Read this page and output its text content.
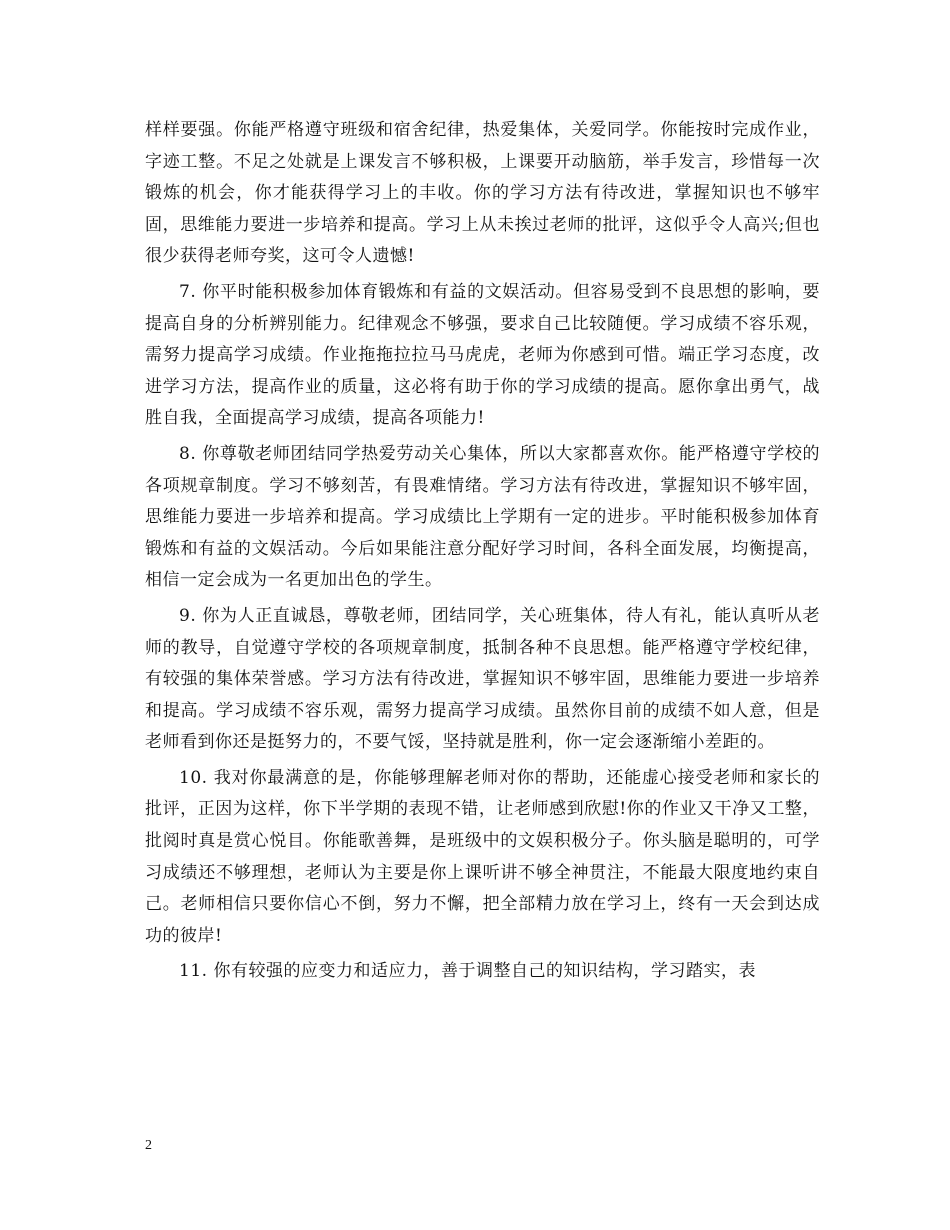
样样要强。你能严格遵守班级和宿舍纪律，热爱集体，关爱同学。你能按时完成作业，字迹工整。不足之处就是上课发言不够积极，上课要开动脑筋，举手发言，珍惜每一次锻炼的机会，你才能获得学习上的丰收。你的学习方法有待改进，掌握知识也不够牢固，思维能力要进一步培养和提高。学习上从未挨过老师的批评，这似乎令人高兴;但也很少获得老师夸奖，这可令人遗憾!

7. 你平时能积极参加体育锻炼和有益的文娱活动。但容易受到不良思想的影响，要提高自身的分析辨别能力。纪律观念不够强，要求自己比较随便。学习成绩不容乐观，需努力提高学习成绩。作业拖拖拉拉马马虎虎，老师为你感到可惜。端正学习态度，改进学习方法，提高作业的质量，这必将有助于你的学习成绩的提高。愿你拿出勇气，战胜自我，全面提高学习成绩，提高各项能力!

8. 你尊敬老师团结同学热爱劳动关心集体，所以大家都喜欢你。能严格遵守学校的各项规章制度。学习不够刻苦，有畏难情绪。学习方法有待改进，掌握知识不够牢固，思维能力要进一步培养和提高。学习成绩比上学期有一定的进步。平时能积极参加体育锻炼和有益的文娱活动。今后如果能注意分配好学习时间，各科全面发展，均衡提高，相信一定会成为一名更加出色的学生。

9. 你为人正直诚恳，尊敬老师，团结同学，关心班集体，待人有礼，能认真听从老师的教导，自觉遵守学校的各项规章制度，抵制各种不良思想。能严格遵守学校纪律，有较强的集体荣誉感。学习方法有待改进，掌握知识不够牢固，思维能力要进一步培养和提高。学习成绩不容乐观，需努力提高学习成绩。虽然你目前的成绩不如人意，但是老师看到你还是挺努力的，不要气馁，坚持就是胜利，你一定会逐渐缩小差距的。

10. 我对你最满意的是，你能够理解老师对你的帮助，还能虚心接受老师和家长的批评，正因为这样，你下半学期的表现不错，让老师感到欣慰!你的作业又干净又工整，批阅时真是赏心悦目。你能歌善舞，是班级中的文娱积极分子。你头脑是聪明的，可学习成绩还不够理想，老师认为主要是你上课听讲不够全神贯注，不能最大限度地约束自己。老师相信只要你信心不倒，努力不懈，把全部精力放在学习上，终有一天会到达成功的彼岸!

11. 你有较强的应变力和适应力，善于调整自己的知识结构，学习踏实，表

2
